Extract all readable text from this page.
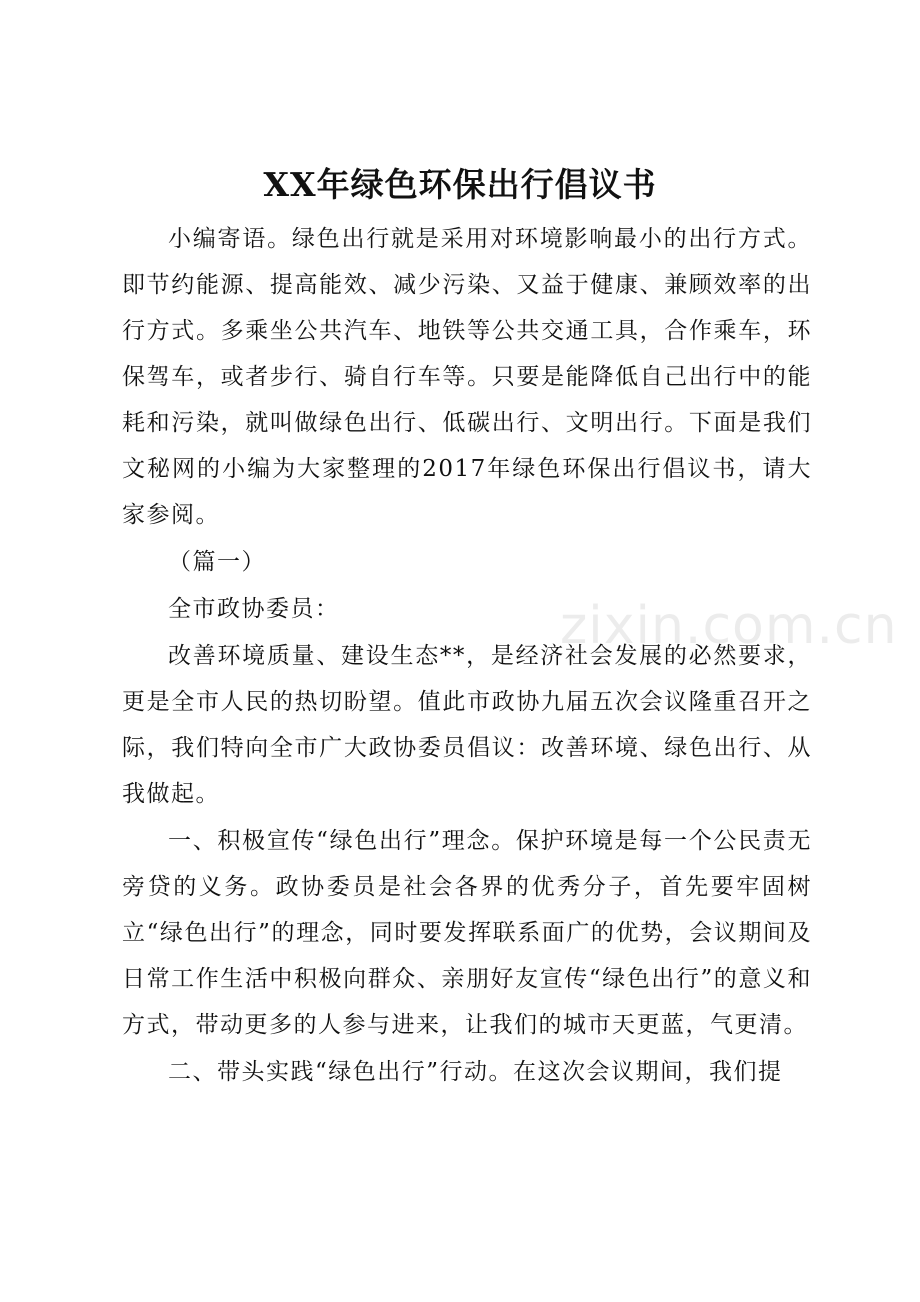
XX年绿色环保出行倡议书

小编寄语。绿色出行就是采用对环境影响最小的出行方式。即节约能源、提高能效、减少污染、又益于健康、兼顾效率的出行方式。多乘坐公共汽车、地铁等公共交通工具，合作乘车，环保驾车，或者步行、骑自行车等。只要是能降低自己出行中的能耗和污染，就叫做绿色出行、低碳出行、文明出行。下面是我们文秘网的小编为大家整理的2017年绿色环保出行倡议书，请大家参阅。

（篇一）

全市政协委员：

改善环境质量、建设生态**，是经济社会发展的必然要求，更是全市人民的热切盼望。值此市政协九届五次会议隆重召开之际，我们特向全市广大政协委员倡议：改善环境、绿色出行、从我做起。

一、积极宣传“绿色出行”理念。保护环境是每一个公民责无旁贷的义务。政协委员是社会各界的优秀分子，首先要牢固树立“绿色出行”的理念，同时要发挥联系面广的优势，会议期间及日常工作生活中积极向群众、亲朋好友宣传“绿色出行”的意义和方式，带动更多的人参与进来，让我们的城市天更蓝，气更清。

二、带头实践“绿色出行”行动。在这次会议期间，我们提

zixin.com.cn
